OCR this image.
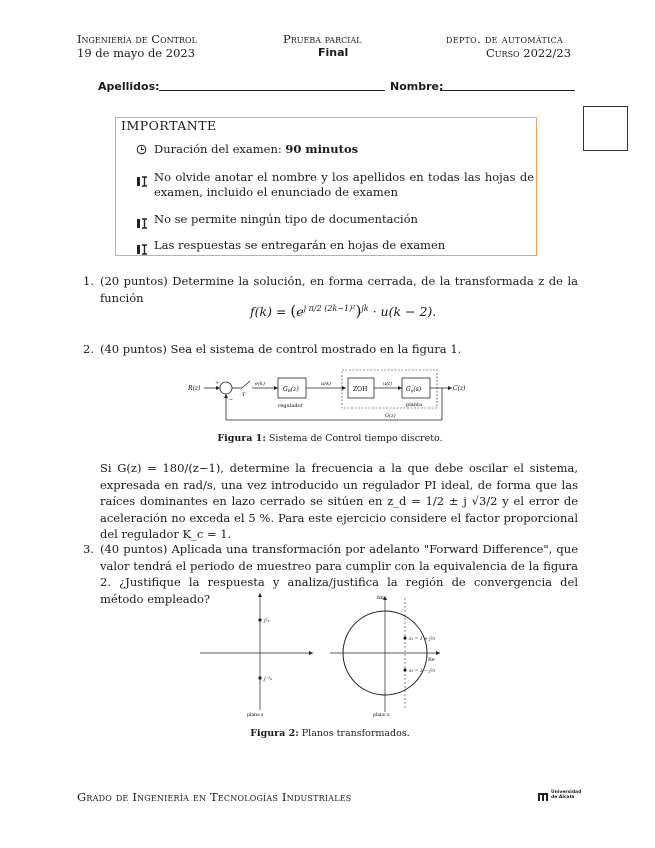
Ingeniería de Control
19 de mayo de 2023
Prueba parcial
Final
depto. de automática
Curso 2022/23
Apellidos:	Nombre:
IMPORTANTE
Duración del examen: 90 minutos
No olvide anotar el nombre y los apellidos en todas las hojas de examen, incluido el enunciado de examen
No se permite ningún tipo de documentación
Las respuestas se entregarán en hojas de examen
1. (20 puntos) Determine la solución, en forma cerrada, de la transformada z de la función
$f(k) = (e^{j \pi/2 (2k-1)^2})^{jk} \cdot u(k - 2)$.
2. (40 puntos) Sea el sistema de control mostrado en la figura 1.
R(z)
+
−
T
e(k)
GR(z)
regulador
u(k)
ZOH
u(t)
Gp(s)
planta
C(z)
G(z)
Figura 1: Sistema de Control tiempo discreto.
Si G(z) = 180/(z−1), determine la frecuencia a la que debe oscilar el sistema, expresada en rad/s, una vez introducido un regulador PI ideal, de forma que las raíces dominantes en lazo cerrado se sitúen en z_d = 1/2 ± j √3/2 y el error de aceleración no exceda el 5 %. Para este ejercicio considere el factor proporcional del regulador K_c = 1.
3. (40 puntos) Aplicada una transformación por adelanto "Forward Difference", que valor tendrá el periodo de muestreo para cumplir con la equivalencia de la figura 2. ¿Justifique la respuesta y analiza/justifica la región de convergencia del método empleado?
j²s
j⁻³s
plano s
Im
Re
z₁ = 1 + j⅔
z₂ = 1 − j⅔
plano z
Figura 2: Planos transformados.
Grado de Ingeniería en Tecnologías Industriales	Universidad
de Alcalá
